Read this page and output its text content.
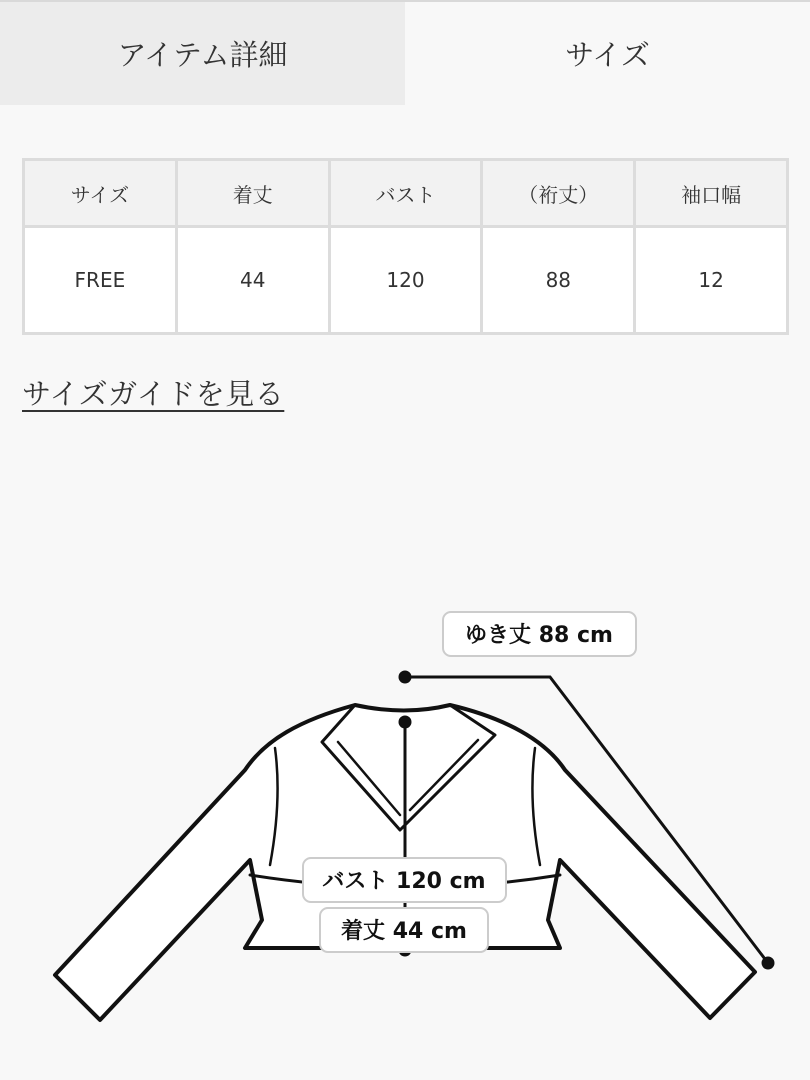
アイテム詳細	サイズ
サイズ	着丈	バスト	（裄丈）	袖口幅
FREE	44	120	88	12
サイズガイドを見る
ゆき丈 88 cm
バスト 120 cm
着丈 44 cm
